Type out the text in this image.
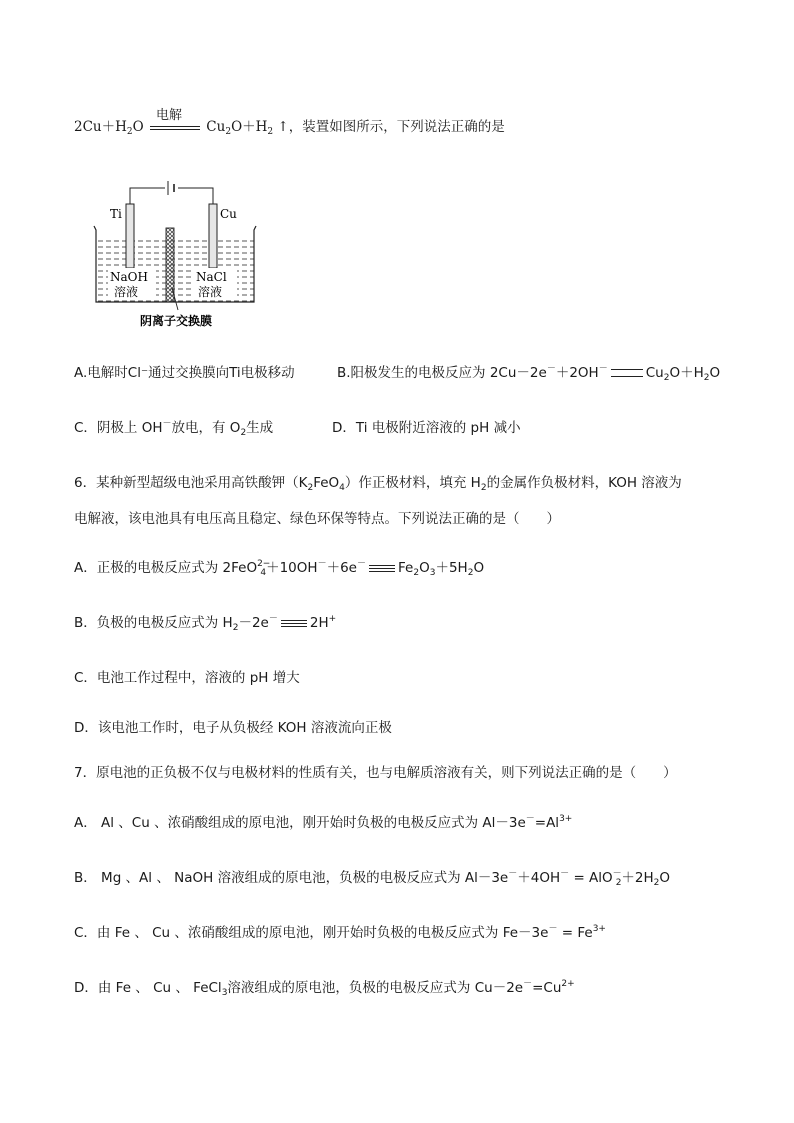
$2Cu+H_2O$
电解
$Cu_2O+H_2$ ↑，装置如图所示，下列说法正确的是
Ti	Cu
NaOH
溶液
NaCl
溶液
阴离子交换膜
A.电解时Cl⁻通过交换膜向Ti电极移动	B.阳极发生的电极反应为 2Cu－2e－＋2OH－	$Cu_2O+H_2O$
C．阴极上 OH－放电，有 $O_2$生成	D．Ti 电极附近溶液的 pH 减小
6．某种新型超级电池采用高铁酸钾$(K_2FeO_4)$作正极材料，填充 $H_2$的金属作负极材料，KOH 溶液为
电解液，该电池具有电压高且稳定、绿色环保等特点。下列说法正确的是（　　）
A．正极的电极反应式为 2FeO$^{2-}_4$＋10OH－＋6e－ $Fe_2O_3+5H_2O$
B．负极的电极反应式为 $H_2-2e^-$ 2H+
C．电池工作过程中，溶液的 pH 增大
D．该电池工作时，电子从负极经 KOH 溶液流向正极
7．原电池的正负极不仅与电极材料的性质有关，也与电解质溶液有关，则下列说法正确的是（　　）
A． Al 、Cu 、浓硝酸组成的原电池，刚开始时负极的电极反应式为 $Al-3e^-=Al^{3+}$
B． Mg 、Al 、 NaOH 溶液组成的原电池，负极的电极反应式为 $Al-3e^-+4OH^- = AlO^-_2+2H_2O$
C．由 Fe 、 Cu 、浓硝酸组成的原电池，刚开始时负极的电极反应式为 $Fe-3e^- = Fe^{3+}$
D．由 Fe 、 Cu 、 FeCl$_3$溶液组成的原电池，负极的电极反应式为 $Cu-2e^-=Cu^{2+}$
